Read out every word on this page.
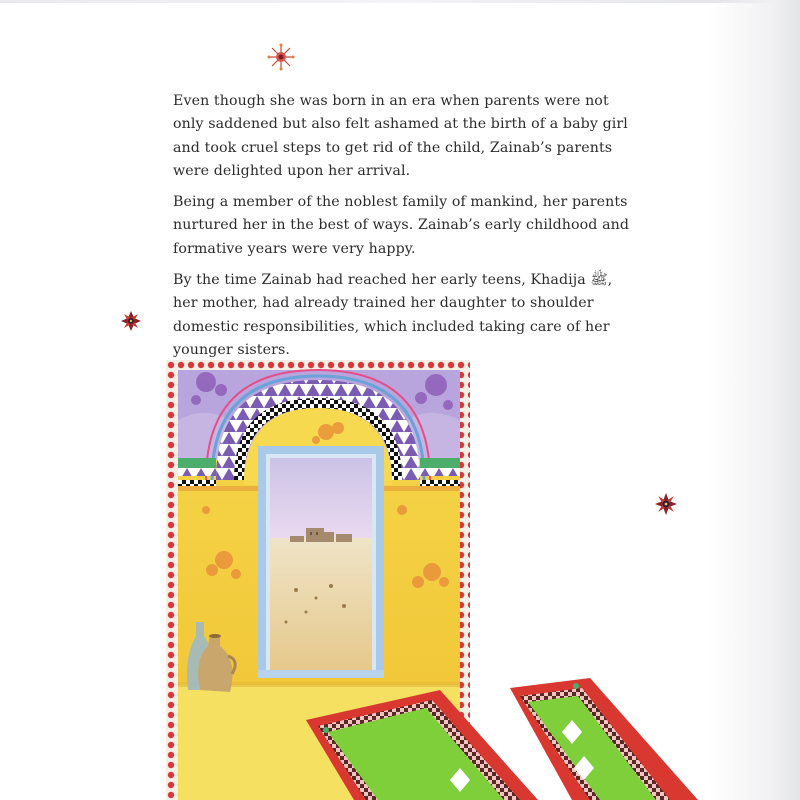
Even though she was born in an era when parents were not only saddened but also felt ashamed at the birth of a baby girl and took cruel steps to get rid of the child, Zainab’s parents were delighted upon her arrival.

Being a member of the noblest family of mankind, her parents nurtured her in the best of ways. Zainab’s early childhood and formative years were very happy.

By the time Zainab had reached her early teens, Khadija ﷺ, her mother, had already trained her daughter to shoulder domestic responsibilities, which included taking care of her younger sisters.
